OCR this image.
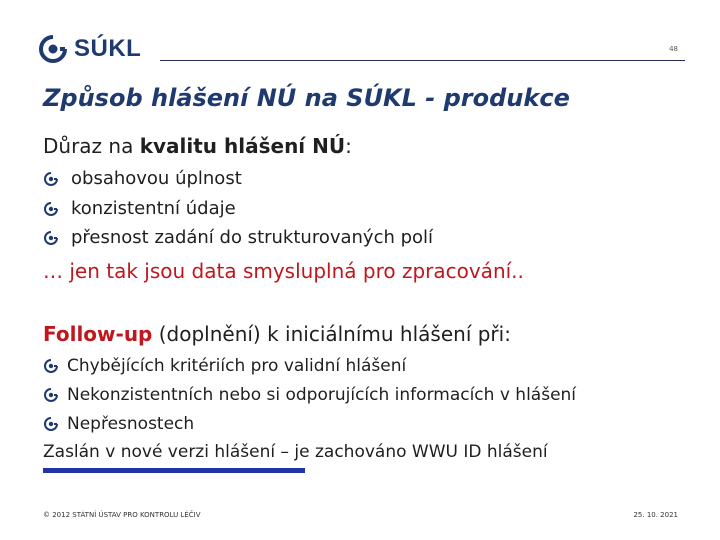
SÚKL	48
Způsob hlášení NÚ na SÚKL - produkce
Důraz na kvalitu hlášení NÚ:
obsahovou úplnost
konzistentní údaje
přesnost zadání do strukturovaných polí
… jen tak jsou data smysluplná pro zpracování..
Follow-up (doplnění) k iniciálnímu hlášení při:
Chybějících kritériích pro validní hlášení
Nekonzistentních nebo si odporujících informacích v hlášení
Nepřesnostech
Zaslán v nové verzi hlášení – je zachováno WWU ID hlášení
© 2012 STÁTNÍ ÚSTAV PRO KONTROLU LÉČIV	25. 10. 2021
